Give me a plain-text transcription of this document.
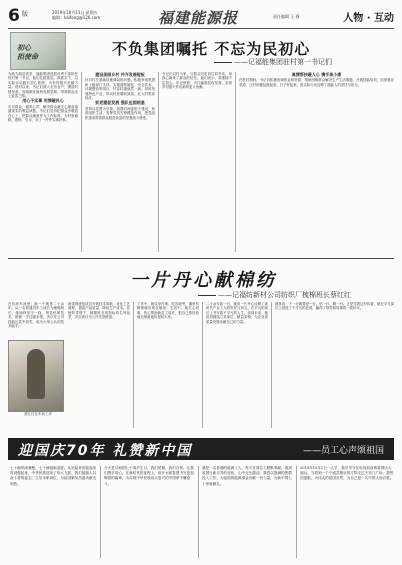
6 版	2019年10月11日 星期五
编辑：kaifeng@126.com	福建能源报	责任编辑 王 静	人物 · 互动
初心
担使命	不负集团嘱托 不忘为民初心
——记福能集团驻村第一书记们
为助力脱贫攻坚，福能集团选派优秀干部担任驻村第一书记，他们扎根基层、真抓实干，以实际行动践行初心使命，为乡村振兴贡献力量。驻村以来，书记们深入走访农户，摸清村情民意，因地制宜谋划发展思路，带领群众走上致富之路。
用心干实事 用情暖民心
走访群众，倾听心声，解决群众最关心最直接最现实的利益问题。书记们坚持把群众冷暖放在心上，把群众满意作为工作标准，为村里修路、建桥、引水，办了一件件实事好事。
建设美丽乡村 补齐发展短板
针对村庄基础设施薄弱的问题，积极争取集团和上级部门支持，实施道路硬化、安全饮水、环境整治等项目，村容村貌焕然一新。同时发展特色产业，带动村民增收致富，壮大村集体经济。
抓党建促发展 强队伍固根基
坚持以党建为引领，加强村两委班子建设，规范组织生活，发挥党员先锋模范作用，把党组织建成带领群众脱贫致富的坚强战斗堡垒。
书记们以村为家，与群众同吃同住同劳动，用真心换来了群众的信任。他们表示，将继续不忘初心、牢记使命，为打赢脱贫攻坚战、实现乡村振兴作出新的更大贡献。
真情帮扶暖人心 携手奔小康
在驻村期间，书记们积极协调资金和资源，帮助困难群众解决生产生活难题，开展技能培训，拓宽就业渠道，让村民腰包鼓起来、日子好起来，用实际行动诠释了福能人的责任与担当。
一片丹心献棉纺
——记福纺新材公司纺织厂梳棉班长蔡红红
在纺织车间里，她一干就是二十余年。从一名普通挡车工成长为梳棉班长，她始终坚守一线，刻苦钻研技术，练就一手过硬本领，多次在公司技能比武中获奖，成为大家公认的技术能手。
蔡红红在车间工作
她带领班组成员开展技术革新，优化工艺流程，提高产品质量，降低生产成本。在她的带领下，梳棉班各项指标均名列前茅，多次被评为公司先进班组。
工作中，她以身作则、吃苦耐劳，哪里有困难就出现在哪里；生活中，她关心同事，热心帮助新员工成长，把自己的经验毫无保留地传授给大家。
二十余年如一日，她用一片丹心诠释了新时代产业工人的责任与担当，在平凡的岗位上书写着不平凡的人生。谈到未来，她说将继续立足岗位、精益求精，为企业高质量发展贡献自己的力量。
她常说：干一行就要爱一行、钻一行、精一行。正是凭着这份执着，她在平凡岗位上创造了不平凡的业绩，赢得了领导和同事的一致好评。
迎国庆70年 礼赞新中国	——员工心声颂祖国
七十载风雨兼程，七十载砥砺奋进。从站起来到富起来再到强起来，中华民族迎来了伟大飞跃。我们能源人以奋斗者的姿态，立足本职岗位，为祖国繁荣昌盛贡献光和热。
今天是共和国七十周岁生日，我们骄傲，我们自豪。让我们携手同心，在新时代的征程上，用汗水和智慧书写更加辉煌的篇章，为实现中华民族伟大复兴的中国梦不懈奋斗。
我是一名普通的能源工人，每天在岗位上默默奉献。看到祖国日新月异的变化，心中无比激动。我将以饱满的热情投入工作，为祖国的能源事业贡献一份力量，为新中国七十华诞献礼。
2019年10月1日一大早，我早早守在电视机前观看国庆大阅兵。当看到一个个威武雄壮的方阵走过天安门广场，我热泪盈眶，为伟大的祖国点赞，为自己是一名中国人而自豪。
